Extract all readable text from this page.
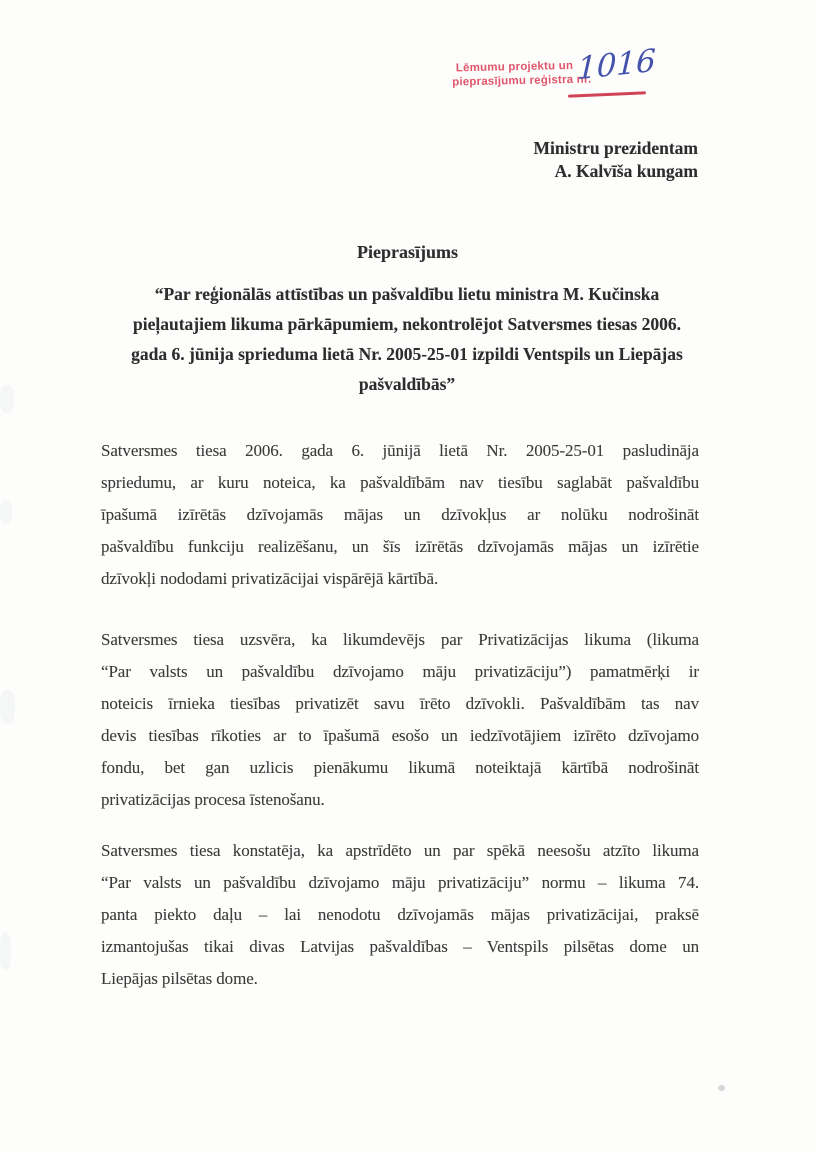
Lēmumu projektu un
pieprasījumu reģistra nr.
1016
Ministru prezidentam
A. Kalvīša kungam
Pieprasījums
“Par reģionālās attīstības un pašvaldību lietu ministra M. Kučinska
pieļautajiem likuma pārkāpumiem, nekontrolējot Satversmes tiesas 2006.
gada 6. jūnija sprieduma lietā Nr. 2005-25-01 izpildi Ventspils un Liepājas
pašvaldībās”
Satversmes tiesa 2006. gada 6. jūnijā lietā Nr. 2005-25-01 pasludināja
spriedumu, ar kuru noteica, ka pašvaldībām nav tiesību saglabāt pašvaldību
īpašumā izīrētās dzīvojamās mājas un dzīvokļus ar nolūku nodrošināt
pašvaldību funkciju realizēšanu, un šīs izīrētās dzīvojamās mājas un izīrētie
dzīvokļi nododami privatizācijai vispārējā kārtībā.
Satversmes tiesa uzsvēra, ka likumdevējs par Privatizācijas likuma (likuma
“Par valsts un pašvaldību dzīvojamo māju privatizāciju”) pamatmērķi ir
noteicis īrnieka tiesības privatizēt savu īrēto dzīvokli. Pašvaldībām tas nav
devis tiesības rīkoties ar to īpašumā esošo un iedzīvotājiem izīrēto dzīvojamo
fondu, bet gan uzlicis pienākumu likumā noteiktajā kārtībā nodrošināt
privatizācijas procesa īstenošanu.
Satversmes tiesa konstatēja, ka apstrīdēto un par spēkā neesošu atzīto likuma
“Par valsts un pašvaldību dzīvojamo māju privatizāciju” normu – likuma 74.
panta piekto daļu – lai nenodotu dzīvojamās mājas privatizācijai, praksē
izmantojušas tikai divas Latvijas pašvaldības – Ventspils pilsētas dome un
Liepājas pilsētas dome.
